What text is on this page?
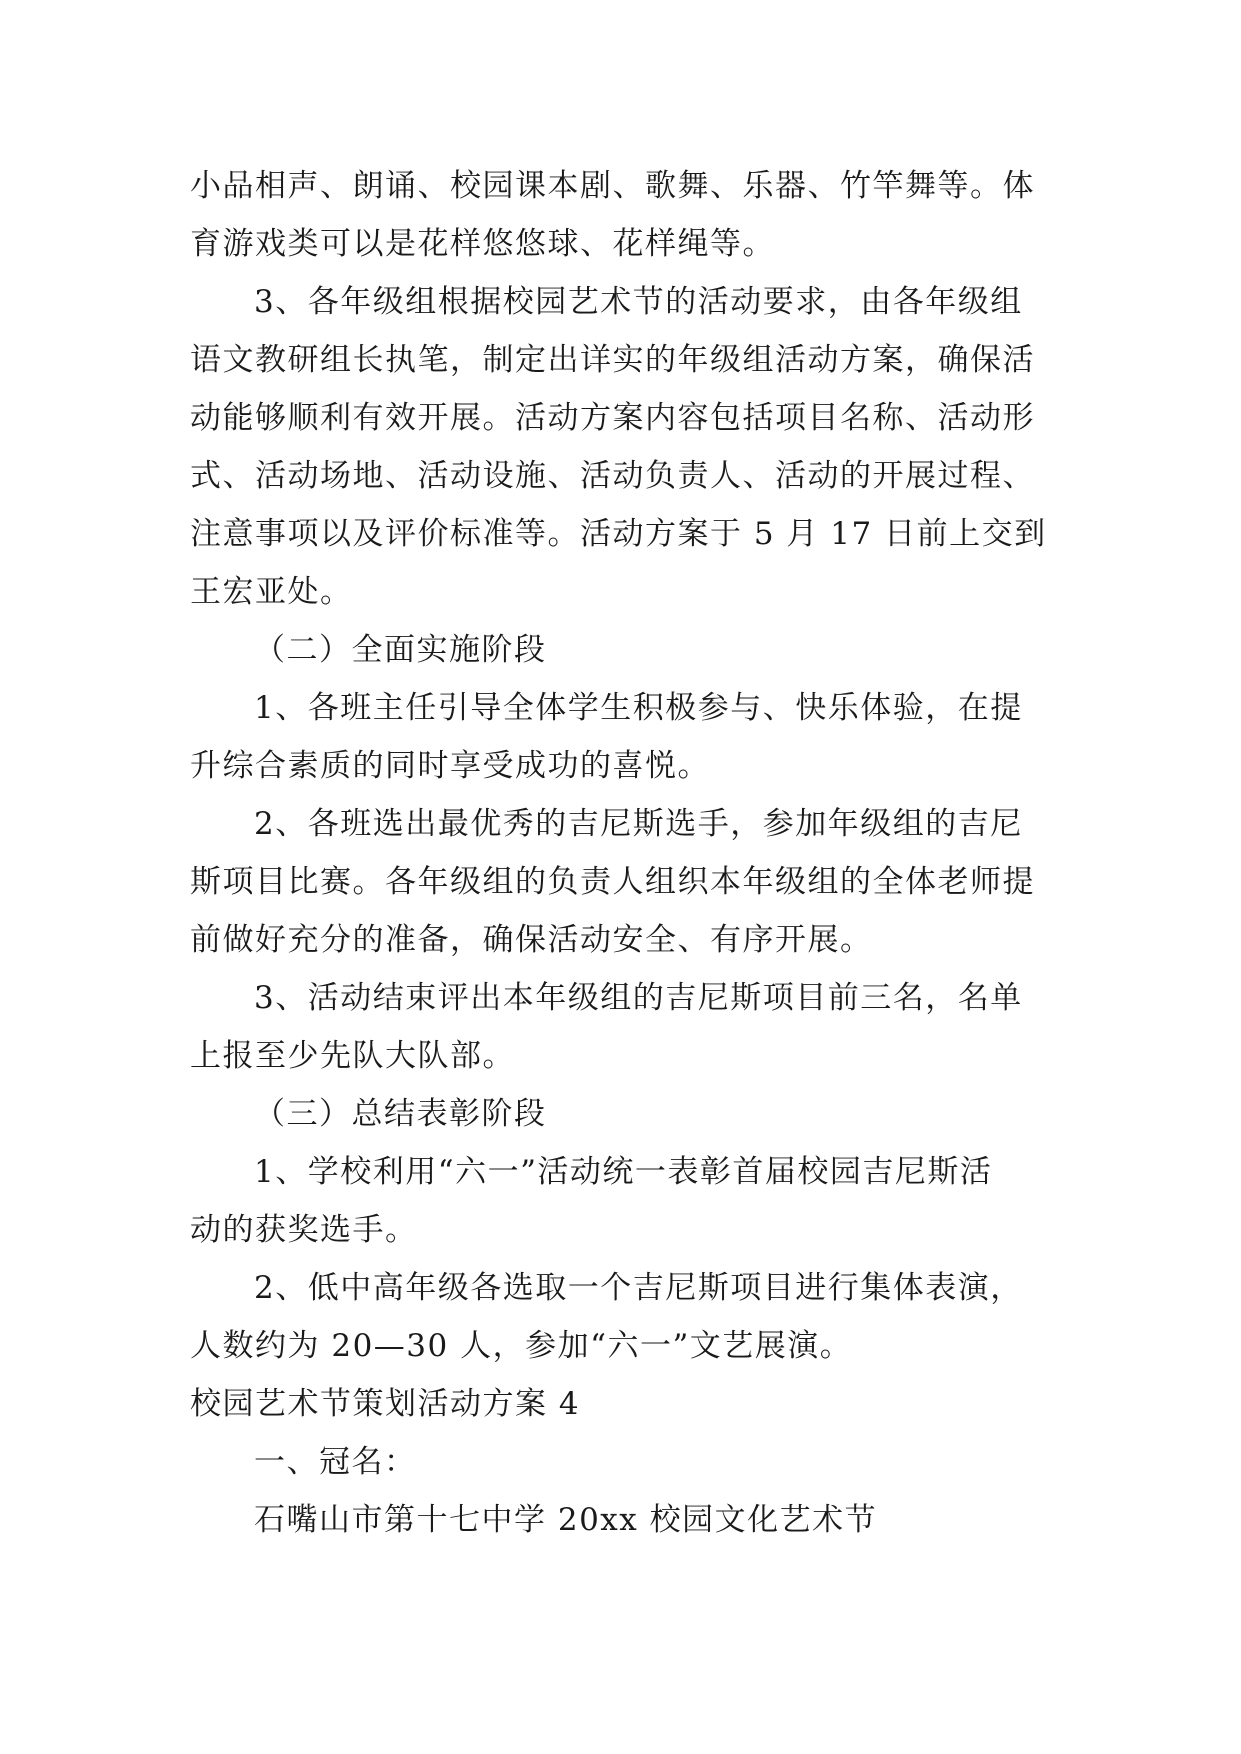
小品相声、朗诵、校园课本剧、歌舞、乐器、竹竿舞等。体
育游戏类可以是花样悠悠球、花样绳等。
3、各年级组根据校园艺术节的活动要求，由各年级组
语文教研组长执笔，制定出详实的年级组活动方案，确保活
动能够顺利有效开展。活动方案内容包括项目名称、活动形
式、活动场地、活动设施、活动负责人、活动的开展过程、
注意事项以及评价标准等。活动方案于 5 月 17 日前上交到
王宏亚处。
（二）全面实施阶段
1、各班主任引导全体学生积极参与、快乐体验，在提
升综合素质的同时享受成功的喜悦。
2、各班选出最优秀的吉尼斯选手，参加年级组的吉尼
斯项目比赛。各年级组的负责人组织本年级组的全体老师提
前做好充分的准备，确保活动安全、有序开展。
3、活动结束评出本年级组的吉尼斯项目前三名，名单
上报至少先队大队部。
（三）总结表彰阶段
1、学校利用“六一”活动统一表彰首届校园吉尼斯活
动的获奖选手。
2、低中高年级各选取一个吉尼斯项目进行集体表演，
人数约为 20—30 人，参加“六一”文艺展演。
校园艺术节策划活动方案 4
一、冠名：
石嘴山市第十七中学 20xx 校园文化艺术节
